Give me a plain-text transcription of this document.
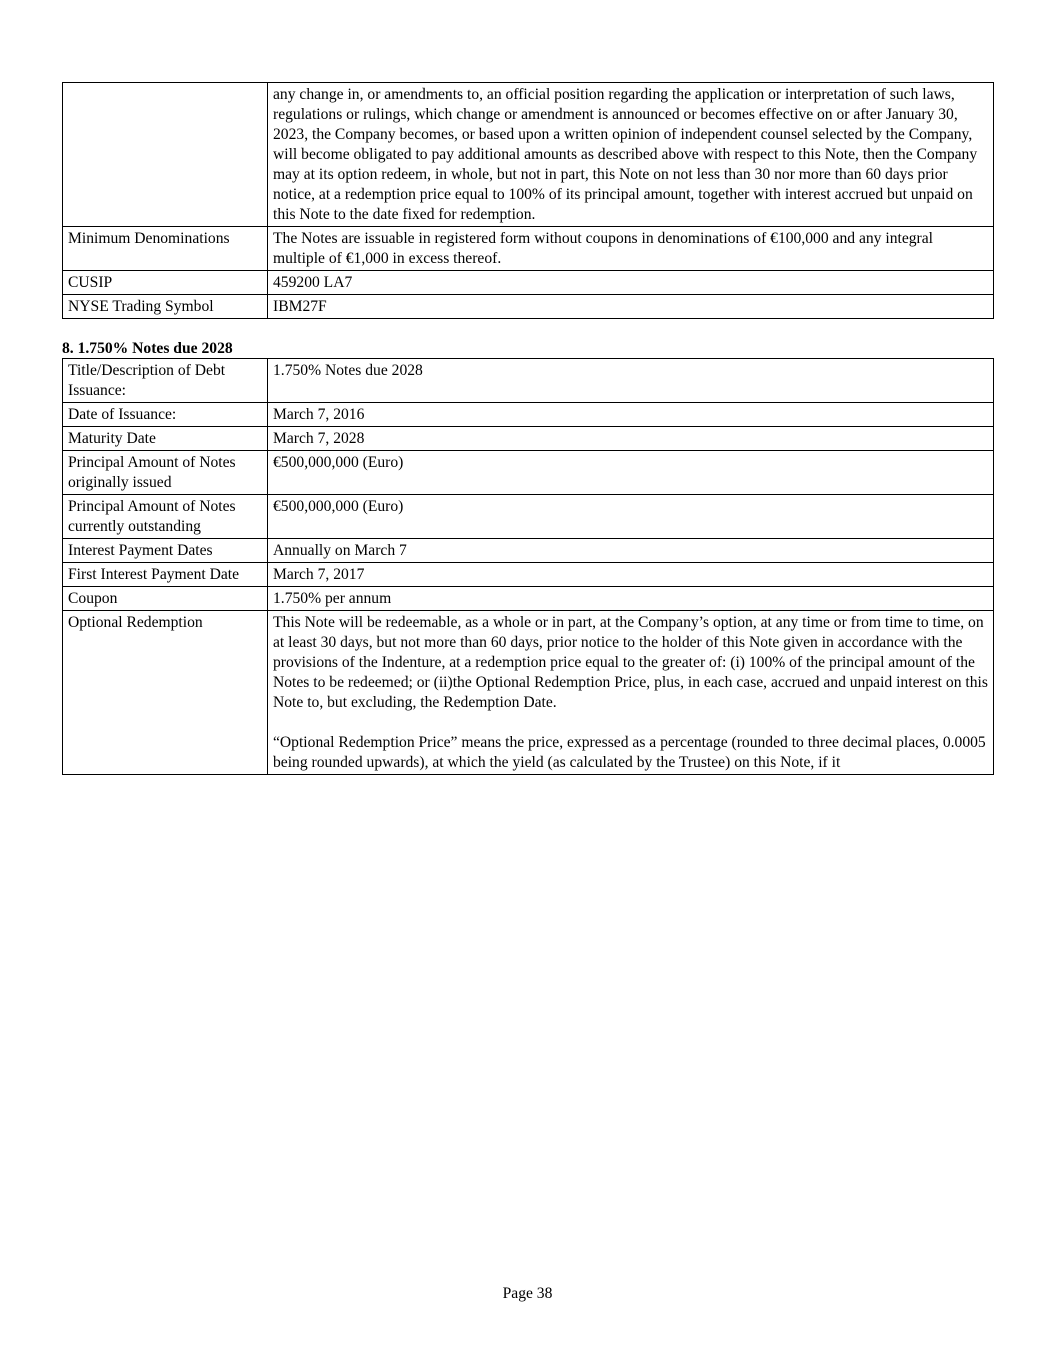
	any change in, or amendments to, an official position regarding the application or interpretation of such laws, regulations or rulings, which change or amendment is announced or becomes effective on or after January 30, 2023, the Company becomes, or based upon a written opinion of independent counsel selected by the Company, will become obligated to pay additional amounts as described above with respect to this Note, then the Company may at its option redeem, in whole, but not in part, this Note on not less than 30 nor more than 60 days prior notice, at a redemption price equal to 100% of its principal amount, together with interest accrued but unpaid on this Note to the date fixed for redemption.
Minimum Denominations	The Notes are issuable in registered form without coupons in denominations of €100,000 and any integral multiple of €1,000 in excess thereof.
CUSIP	459200 LA7
NYSE Trading Symbol	IBM27F
8. 1.750% Notes due 2028
Title/Description of Debt Issuance:	1.750% Notes due 2028
Date of Issuance:	March 7, 2016
Maturity Date	March 7, 2028
Principal Amount of Notes originally issued	€500,000,000 (Euro)
Principal Amount of Notes currently outstanding	€500,000,000 (Euro)
Interest Payment Dates	Annually on March 7
First Interest Payment Date	March 7, 2017
Coupon	1.750% per annum
Optional Redemption	This Note will be redeemable, as a whole or in part, at the Company’s option, at any time or from time to time, on at least 30 days, but not more than 60 days, prior notice to the holder of this Note given in accordance with the provisions of the Indenture, at a redemption price equal to the greater of: (i) 100% of the principal amount of the Notes to be redeemed; or (ii)the Optional Redemption Price, plus, in each case, accrued and unpaid interest on this Note to, but excluding, the Redemption Date.
“Optional Redemption Price” means the price, expressed as a percentage (rounded to three decimal places, 0.0005 being rounded upwards), at which the yield (as calculated by the Trustee) on this Note, if it
Page 38
